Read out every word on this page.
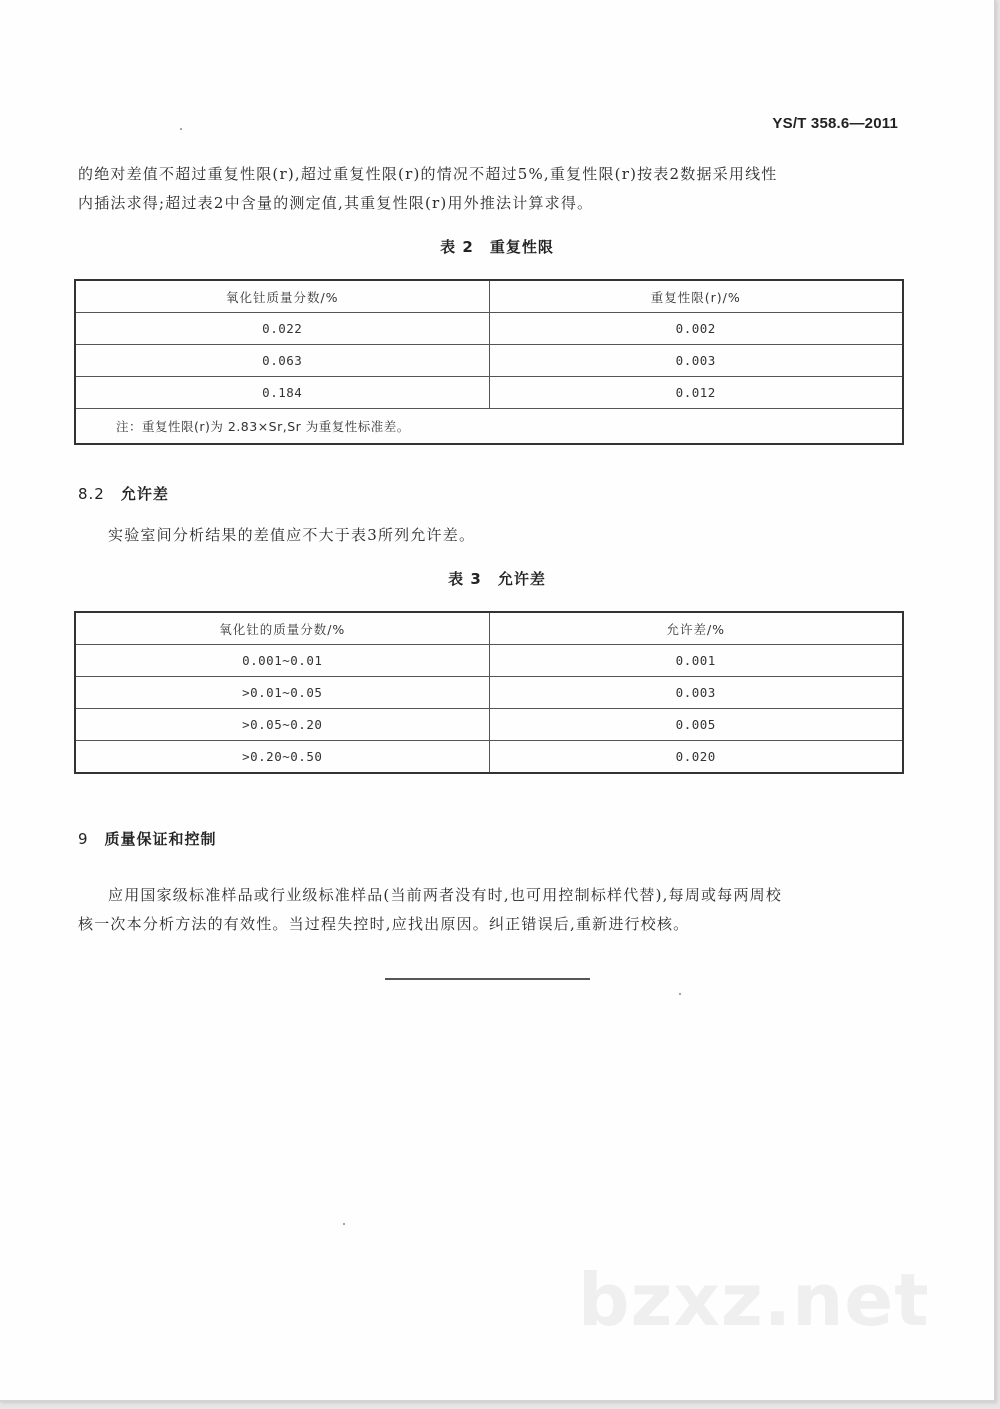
YS/T 358.6—2011
的绝对差值不超过重复性限(r),超过重复性限(r)的情况不超过5%,重复性限(r)按表2数据采用线性
内插法求得;超过表2中含量的测定值,其重复性限(r)用外推法计算求得。
表 2 重复性限
氧化钍质量分数/%	重复性限(r)/%
0.022	0.002
0.063	0.003
0.184	0.012
注：重复性限(r)为 2.83×Sr,Sr 为重复性标准差。	
8.2 允许差
实验室间分析结果的差值应不大于表3所列允许差。
表 3 允许差
氧化钍的质量分数/%	允许差/%
0.001~0.01	0.001
>0.01~0.05	0.003
>0.05~0.20	0.005
>0.20~0.50	0.020
9 质量保证和控制
应用国家级标准样品或行业级标准样品(当前两者没有时,也可用控制标样代替),每周或每两周校
核一次本分析方法的有效性。当过程失控时,应找出原因。纠正错误后,重新进行校核。
bzxz.net
